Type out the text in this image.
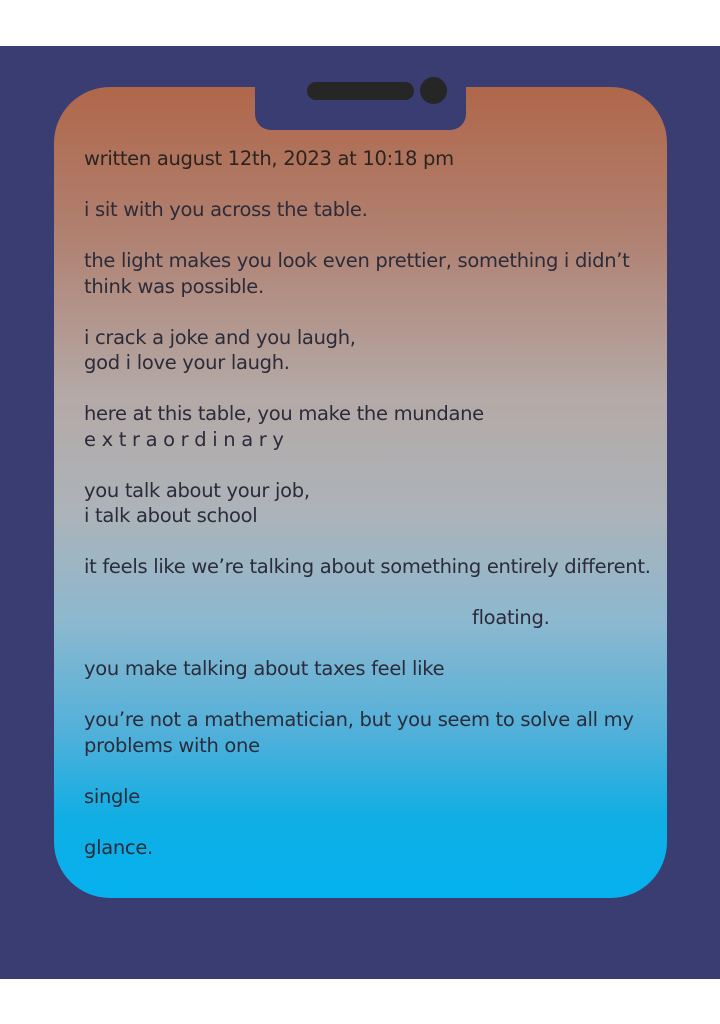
written august 12th, 2023 at 10:18 pm
i sit with you across the table.
the light makes you look even prettier, something i didn’t
think was possible.
i crack a joke and you laugh,
god i love your laugh.
here at this table, you make the mundane
e x t r a o r d i n a r y
you talk about your job,
i talk about school
it feels like we’re talking about something entirely different.
floating.
you make talking about taxes feel like
you’re not a mathematician, but you seem to solve all my
problems with one
single
glance.
